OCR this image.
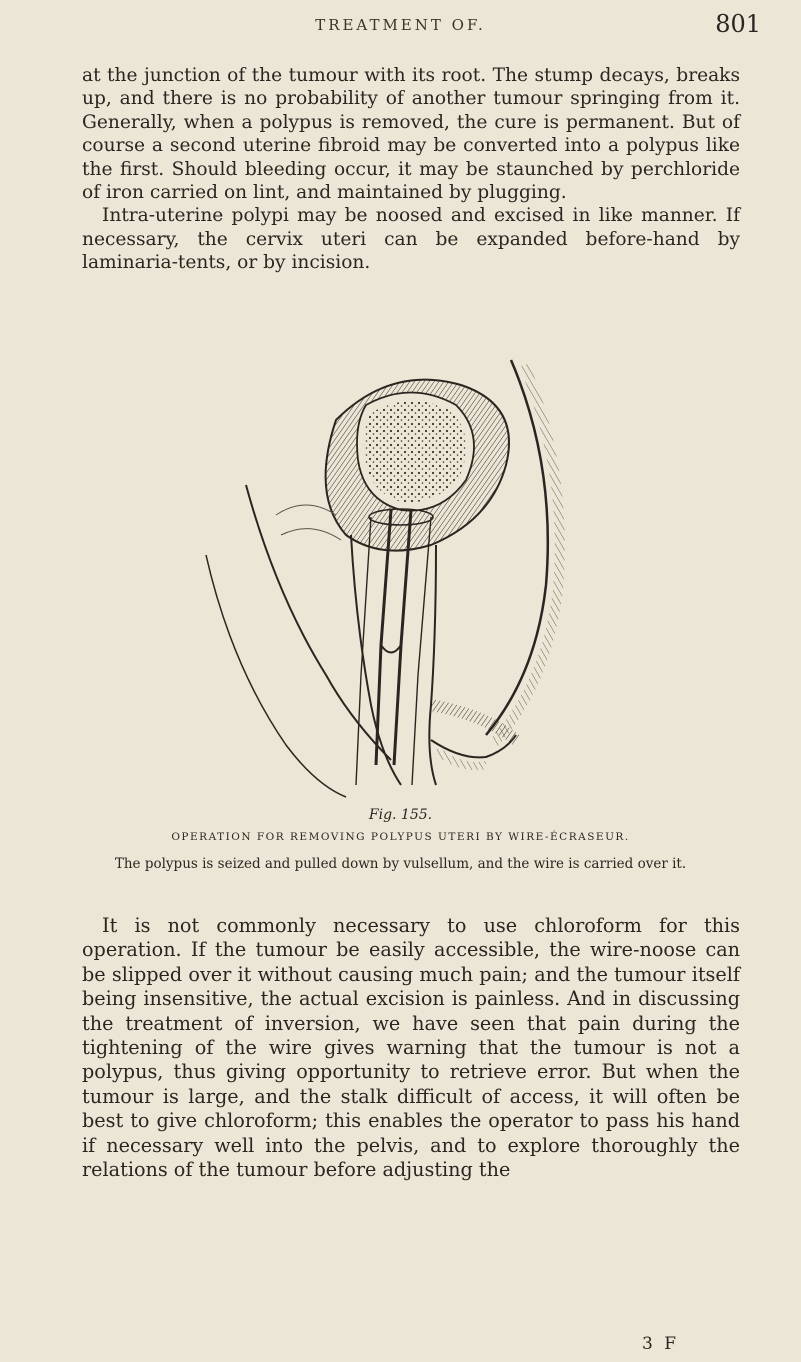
TREATMENT OF.	801

at the junction of the tumour with its root. The stump decays, breaks up, and there is no probability of another tumour springing from it. Generally, when a polypus is removed, the cure is permanent. But of course a second uterine fibroid may be converted into a polypus like the first. Should bleeding occur, it may be staunched by perchloride of iron carried on lint, and maintained by plugging.

Intra-uterine polypi may be noosed and excised in like manner. If necessary, the cervix uteri can be expanded before-hand by laminaria-tents, or by incision.

Fig. 155.
OPERATION FOR REMOVING POLYPUS UTERI BY WIRE-ÉCRASEUR.
The polypus is seized and pulled down by vulsellum, and the wire is carried over it.

It is not commonly necessary to use chloroform for this operation. If the tumour be easily accessible, the wire-noose can be slipped over it without causing much pain; and the tumour itself being insensitive, the actual excision is painless. And in discussing the treatment of inversion, we have seen that pain during the tightening of the wire gives warning that the tumour is not a polypus, thus giving opportunity to retrieve error. But when the tumour is large, and the stalk difficult of access, it will often be best to give chloroform; this enables the operator to pass his hand if necessary well into the pelvis, and to explore thoroughly the relations of the tumour before adjusting the

3 F
